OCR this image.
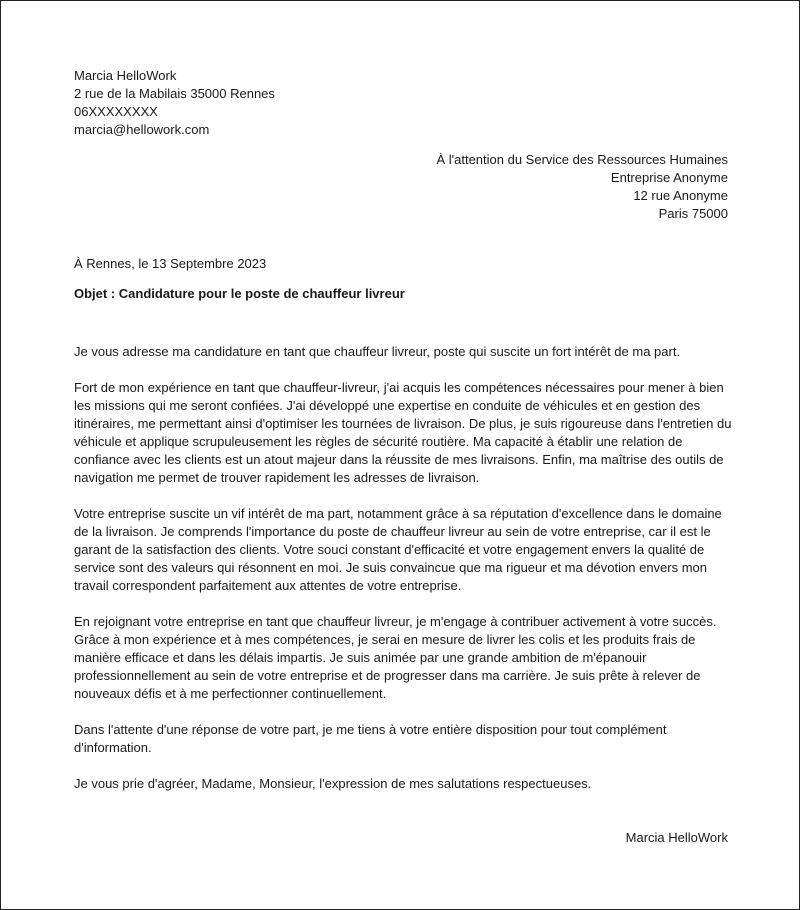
Marcia HelloWork
2 rue de la Mabilais 35000 Rennes
06XXXXXXXX
marcia@hellowork.com
À l'attention du Service des Ressources Humaines
Entreprise Anonyme
12 rue Anonyme
Paris 75000
À Rennes, le 13 Septembre 2023
Objet : Candidature pour le poste de chauffeur livreur
Je vous adresse ma candidature en tant que chauffeur livreur, poste qui suscite un fort intérêt de ma part.
Fort de mon expérience en tant que chauffeur-livreur, j'ai acquis les compétences nécessaires pour mener à bien
les missions qui me seront confiées. J'ai développé une expertise en conduite de véhicules et en gestion des
itinéraires, me permettant ainsi d'optimiser les tournées de livraison. De plus, je suis rigoureuse dans l'entretien du
véhicule et applique scrupuleusement les règles de sécurité routière. Ma capacité à établir une relation de
confiance avec les clients est un atout majeur dans la réussite de mes livraisons. Enfin, ma maîtrise des outils de
navigation me permet de trouver rapidement les adresses de livraison.
Votre entreprise suscite un vif intérêt de ma part, notamment grâce à sa réputation d'excellence dans le domaine
de la livraison. Je comprends l'importance du poste de chauffeur livreur au sein de votre entreprise, car il est le
garant de la satisfaction des clients. Votre souci constant d'efficacité et votre engagement envers la qualité de
service sont des valeurs qui résonnent en moi. Je suis convaincue que ma rigueur et ma dévotion envers mon
travail correspondent parfaitement aux attentes de votre entreprise.
En rejoignant votre entreprise en tant que chauffeur livreur, je m'engage à contribuer activement à votre succès.
Grâce à mon expérience et à mes compétences, je serai en mesure de livrer les colis et les produits frais de
manière efficace et dans les délais impartis. Je suis animée par une grande ambition de m'épanouir
professionnellement au sein de votre entreprise et de progresser dans ma carrière. Je suis prête à relever de
nouveaux défis et à me perfectionner continuellement.
Dans l'attente d'une réponse de votre part, je me tiens à votre entière disposition pour tout complément
d'information.
Je vous prie d'agréer, Madame, Monsieur, l'expression de mes salutations respectueuses.
Marcia HelloWork
